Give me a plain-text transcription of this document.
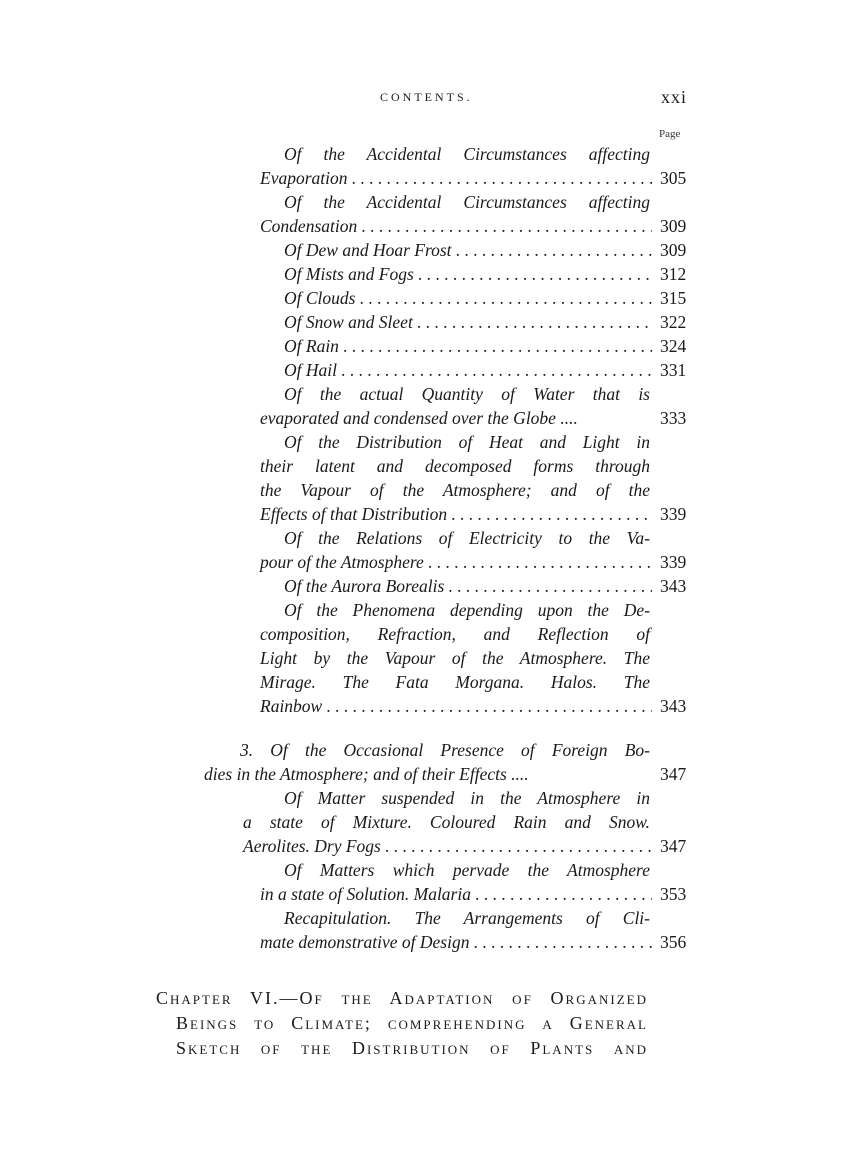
CONTENTS.	xxi
Page
Of the Accidental Circumstances affecting
Evaporation . . .	305
Of the Accidental Circumstances affecting
Condensation . . .	309
Of Dew and Hoar Frost . . .	309
Of Mists and Fogs . . .	312
Of Clouds . . .	315
Of Snow and Sleet . . .	322
Of Rain . . .	324
Of Hail . . .	331
Of the actual Quantity of Water that is
evaporated and condensed over the Globe ....	333
Of the Distribution of Heat and Light in
their latent and decomposed forms through
the Vapour of the Atmosphere; and of the
Effects of that Distribution . . .	339
Of the Relations of Electricity to the Va-
pour of the Atmosphere . . .	339
Of the Aurora Borealis . . .	343
Of the Phenomena depending upon the De-
composition, Refraction, and Reflection of
Light by the Vapour of the Atmosphere. The
Mirage. The Fata Morgana. Halos. The
Rainbow . . .	343
3. Of the Occasional Presence of Foreign Bo-
dies in the Atmosphere; and of their Effects ....	347
Of Matter suspended in the Atmosphere in
a state of Mixture. Coloured Rain and Snow.
Aerolites. Dry Fogs . . .	347
Of Matters which pervade the Atmosphere
in a state of Solution. Malaria . . .	353
Recapitulation. The Arrangements of Cli-
mate demonstrative of Design . . .	356
Chapter VI.—Of the Adaptation of Organized
Beings to Climate; comprehending a General
Sketch of the Distribution of Plants and
